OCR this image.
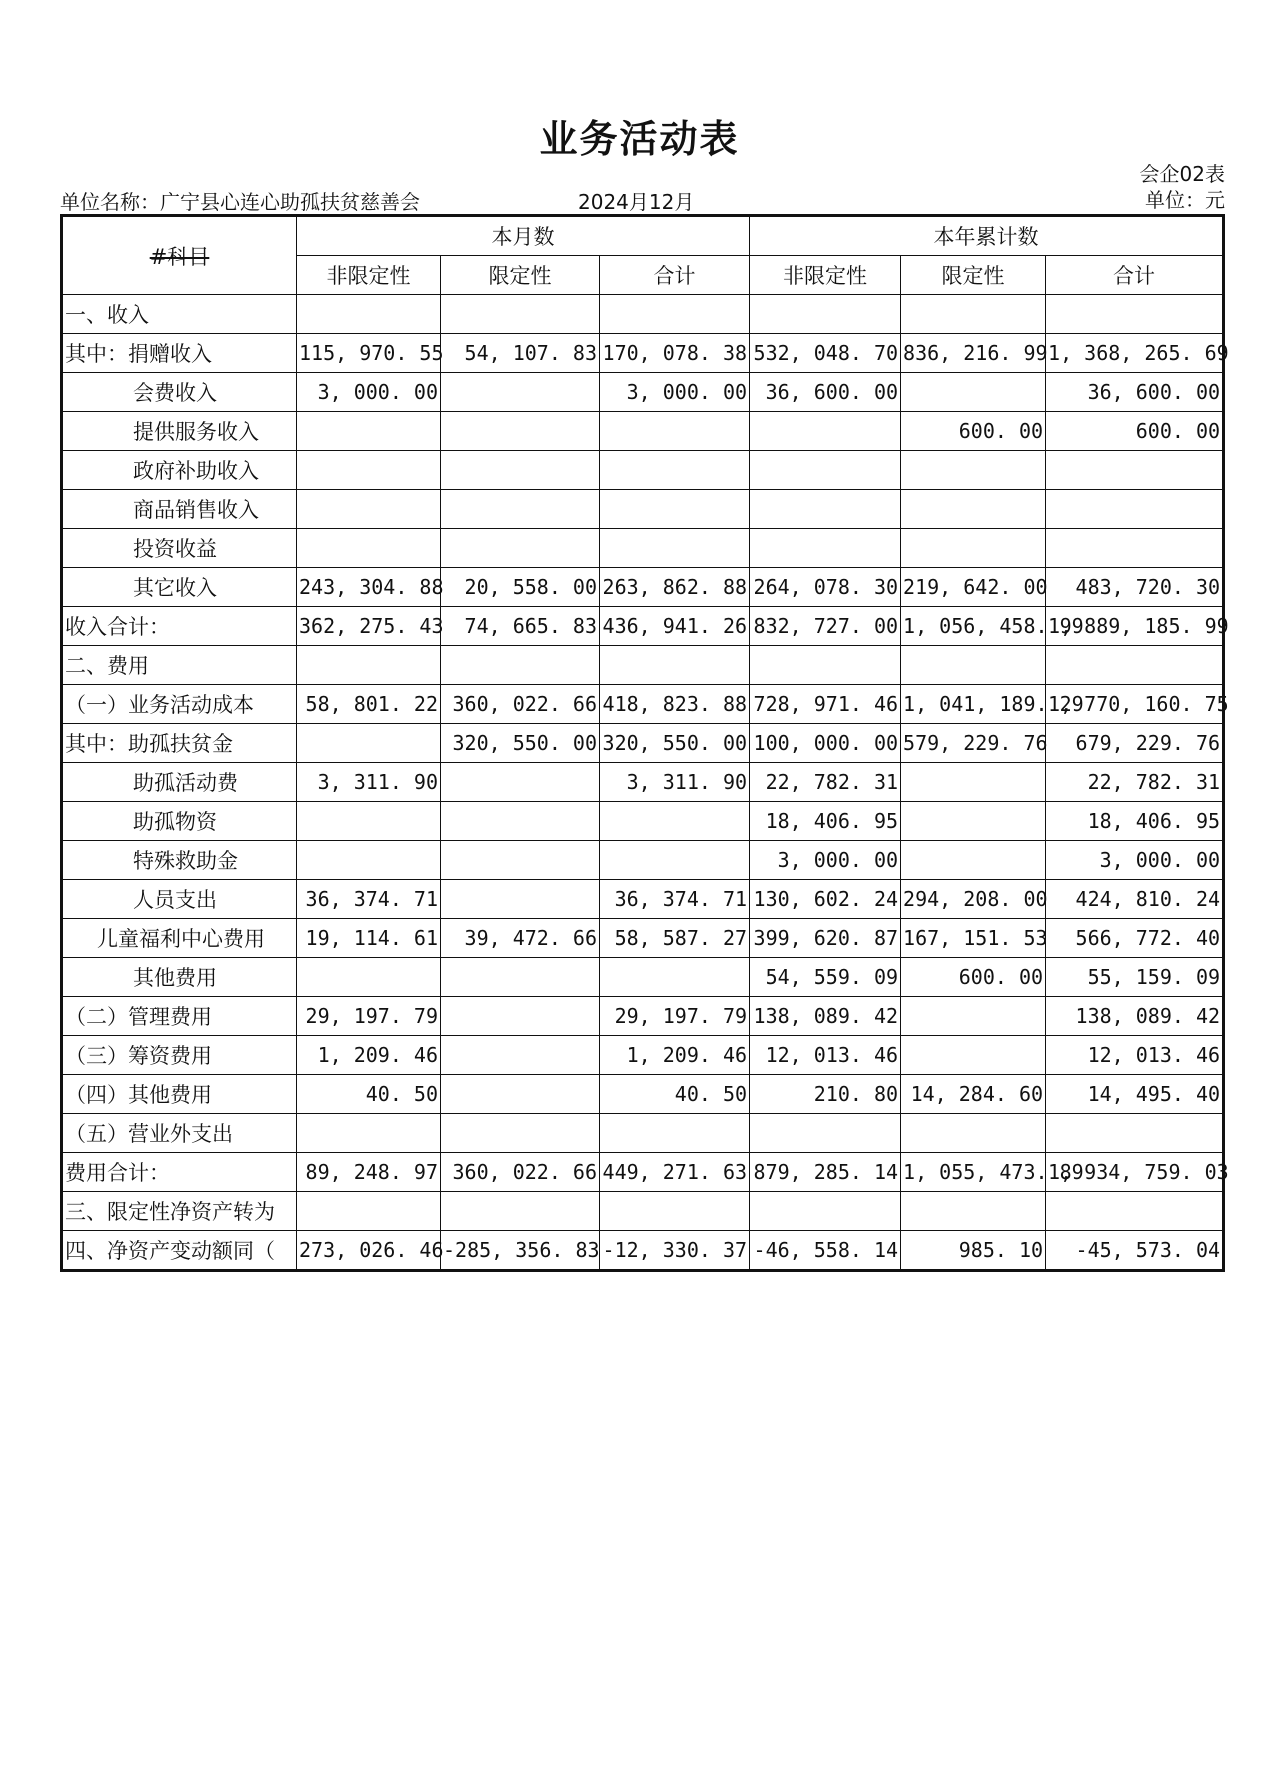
业务活动表
会企02表
单位：元
单位名称：广宁县心连心助孤扶贫慈善会	2024月12月
#科目	本月数			本年累计数		
	非限定性	限定性	合计	非限定性	限定性	合计
一、收入						
其中：捐赠收入	115, 970. 55	54, 107. 83	170, 078. 38	532, 048. 70	836, 216. 99	1, 368, 265. 69
会费收入	3, 000. 00		3, 000. 00	36, 600. 00		36, 600. 00
提供服务收入					600. 00	600. 00
政府补助收入						
商品销售收入						
投资收益						
其它收入	243, 304. 88	20, 558. 00	263, 862. 88	264, 078. 30	219, 642. 00	483, 720. 30
收入合计：	362, 275. 43	74, 665. 83	436, 941. 26	832, 727. 00	1, 056, 458. 99	1, 889, 185. 99
二、费用						
（一）业务活动成本	58, 801. 22	360, 022. 66	418, 823. 88	728, 971. 46	1, 041, 189. 29	1, 770, 160. 75
其中：助孤扶贫金		320, 550. 00	320, 550. 00	100, 000. 00	579, 229. 76	679, 229. 76
助孤活动费	3, 311. 90		3, 311. 90	22, 782. 31		22, 782. 31
助孤物资				18, 406. 95		18, 406. 95
特殊救助金				3, 000. 00		3, 000. 00
人员支出	36, 374. 71		36, 374. 71	130, 602. 24	294, 208. 00	424, 810. 24
儿童福利中心费用	19, 114. 61	39, 472. 66	58, 587. 27	399, 620. 87	167, 151. 53	566, 772. 40
其他费用				54, 559. 09	600. 00	55, 159. 09
（二）管理费用	29, 197. 79		29, 197. 79	138, 089. 42		138, 089. 42
（三）筹资费用	1, 209. 46		1, 209. 46	12, 013. 46		12, 013. 46
（四）其他费用	40. 50		40. 50	210. 80	14, 284. 60	14, 495. 40
（五）营业外支出						
费用合计：	89, 248. 97	360, 022. 66	449, 271. 63	879, 285. 14	1, 055, 473. 89	1, 934, 759. 03
三、限定性净资产转为						
四、净资产变动额同（	273, 026. 46	-285, 356. 83	-12, 330. 37	-46, 558. 14	985. 10	-45, 573. 04
